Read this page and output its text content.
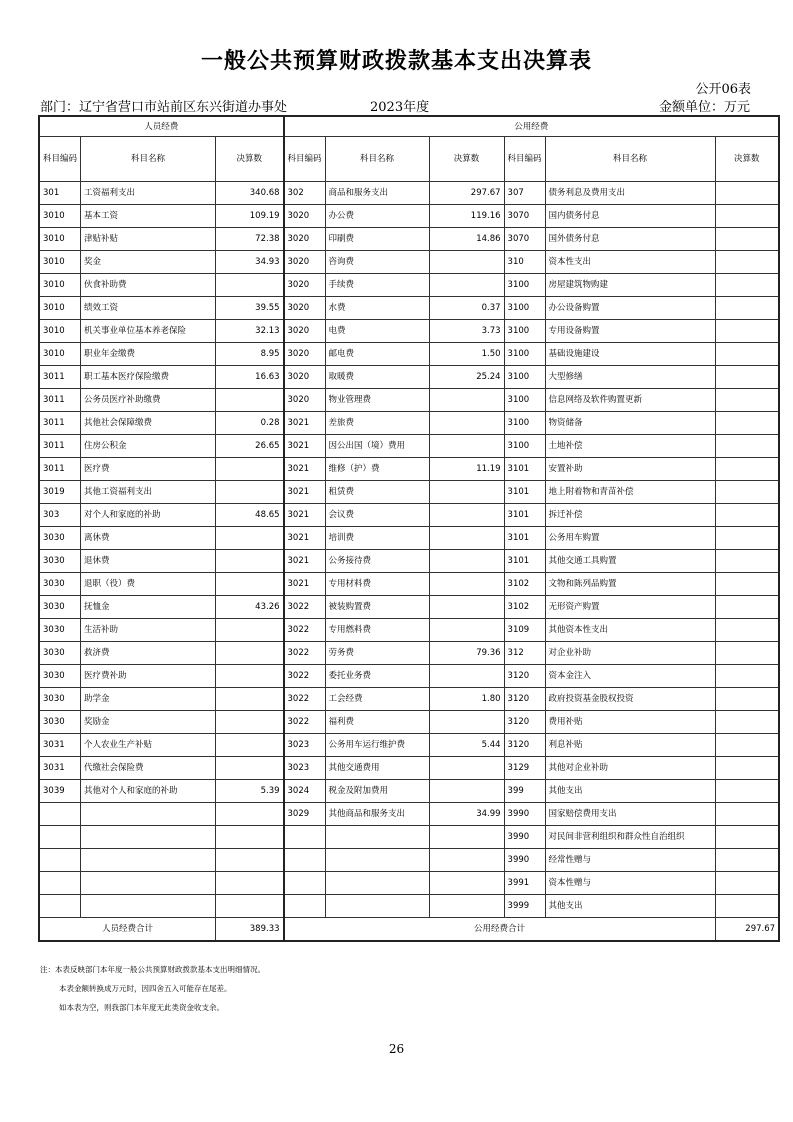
一般公共预算财政拨款基本支出决算表
公开06表
部门：辽宁省营口市站前区东兴街道办事处	2023年度	金额单位：万元
人员经费			公用经费					
科目编码	科目名称	决算数	科目编码	科目名称	决算数	科目编码	科目名称	决算数
301	工资福利支出	340.68	302	商品和服务支出	297.67	307	债务利息及费用支出	
3010	基本工资	109.19	3020	办公费	119.16	3070	国内债务付息	
3010	津贴补贴	72.38	3020	印刷费	14.86	3070	国外债务付息	
3010	奖金	34.93	3020	咨询费		310	资本性支出	
3010	伙食补助费		3020	手续费		3100	房屋建筑物购建	
3010	绩效工资	39.55	3020	水费	0.37	3100	办公设备购置	
3010	机关事业单位基本养老保险	32.13	3020	电费	3.73	3100	专用设备购置	
3010	职业年金缴费	8.95	3020	邮电费	1.50	3100	基础设施建设	
3011	职工基本医疗保险缴费	16.63	3020	取暖费	25.24	3100	大型修缮	
3011	公务员医疗补助缴费		3020	物业管理费		3100	信息网络及软件购置更新	
3011	其他社会保障缴费	0.28	3021	差旅费		3100	物资储备	
3011	住房公积金	26.65	3021	因公出国（境）费用		3100	土地补偿	
3011	医疗费		3021	维修（护）费	11.19	3101	安置补助	
3019	其他工资福利支出		3021	租赁费		3101	地上附着物和青苗补偿	
303	对个人和家庭的补助	48.65	3021	会议费		3101	拆迁补偿	
3030	离休费		3021	培训费		3101	公务用车购置	
3030	退休费		3021	公务接待费		3101	其他交通工具购置	
3030	退职（役）费		3021	专用材料费		3102	文物和陈列品购置	
3030	抚恤金	43.26	3022	被装购置费		3102	无形资产购置	
3030	生活补助		3022	专用燃料费		3109	其他资本性支出	
3030	救济费		3022	劳务费	79.36	312	对企业补助	
3030	医疗费补助		3022	委托业务费		3120	资本金注入	
3030	助学金		3022	工会经费	1.80	3120	政府投资基金股权投资	
3030	奖励金		3022	福利费		3120	费用补贴	
3031	个人农业生产补贴		3023	公务用车运行维护费	5.44	3120	利息补贴	
3031	代缴社会保险费		3023	其他交通费用		3129	其他对企业补助	
3039	其他对个人和家庭的补助	5.39	3024	税金及附加费用		399	其他支出	
			3029	其他商品和服务支出	34.99	3990	国家赔偿费用支出	
						3990	对民间非营利组织和群众性自治组织	
						3990	经常性赠与	
						3991	资本性赠与	
						3999	其他支出	
人员经费合计		389.33	公用经费合计					297.67
注：本表反映部门本年度一般公共预算财政拨款基本支出明细情况。
本表金额转换成万元时，因四舍五入可能存在尾差。
如本表为空，则我部门本年度无此类资金收支余。
26
